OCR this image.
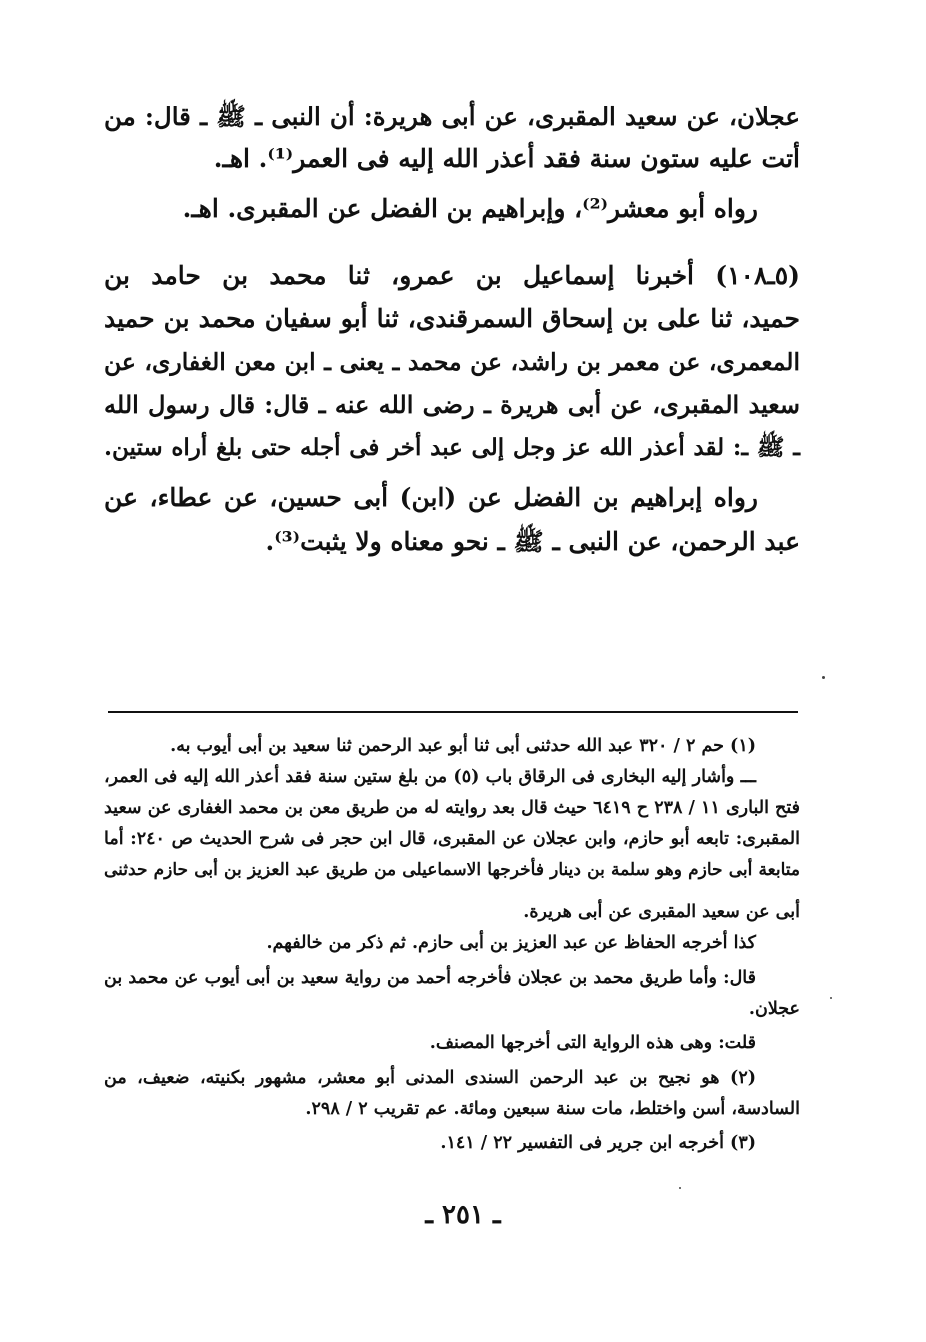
عجلان، عن سعيد المقبرى، عن أبى هريرة: أن النبى ـ ﷺ ـ قال: من
أتت عليه ستون سنة فقد أعذر الله إليه فى العمر⁽¹⁾. اهـ.
رواه أبو معشر⁽²⁾، وإبراهيم بن الفضل عن المقبرى. اهـ.
(٥ـ١٠٨) أخبرنا إسماعيل بن عمرو، ثنا محمد بن حامد بن
حميد، ثنا على بن إسحاق السمرقندى، ثنا أبو سفيان محمد بن حميد
المعمرى، عن معمر بن راشد، عن محمد ـ يعنى ـ ابن معن الغفارى، عن
سعيد المقبرى، عن أبى هريرة ـ رضى الله عنه ـ قال: قال رسول الله
ـ ﷺ ـ: لقد أعذر الله عز وجل إلى عبد أخر فى أجله حتى بلغ أراه ستين.
رواه إبراهيم بن الفضل عن (ابن) أبى حسين، عن عطاء، عن
عبد الرحمن، عن النبى ـ ﷺ ـ نحو معناه ولا يثبت⁽³⁾.
(١) حم ٢ / ٣٢٠ عبد الله حدثنى أبى ثنا أبو عبد الرحمن ثنا سعيد بن أبى أيوب به.
ـــ وأشار إليه البخارى فى الرقاق باب (٥) من بلغ ستين سنة فقد أعذر الله إليه فى العمر،
فتح البارى ١١ / ٢٣٨ ح ٦٤١٩ حيث قال بعد روايته له من طريق معن بن محمد الغفارى عن سعيد
المقبرى: تابعه أبو حازم، وابن عجلان عن المقبرى، قال ابن حجر فى شرح الحديث ص ٢٤٠: أما
متابعة أبى حازم وهو سلمة بن دينار فأخرجها الاسماعيلى من طريق عبد العزيز بن أبى حازم حدثنى
أبى عن سعيد المقبرى عن أبى هريرة.
كذا أخرجه الحفاظ عن عبد العزيز بن أبى حازم. ثم ذكر من خالفهم.
قال: وأما طريق محمد بن عجلان فأخرجه أحمد من رواية سعيد بن أبى أيوب عن محمد بن
عجلان.
قلت: وهى هذه الرواية التى أخرجها المصنف.
(٢) هو نجيح بن عبد الرحمن السندى المدنى أبو معشر، مشهور بكنيته، ضعيف، من
السادسة، أسن واختلط، مات سنة سبعين ومائة. عم تقريب ٢ / ٢٩٨.
(٣) أخرجه ابن جرير فى التفسير ٢٢ / ١٤١.
ـ ٢٥١ ـ
